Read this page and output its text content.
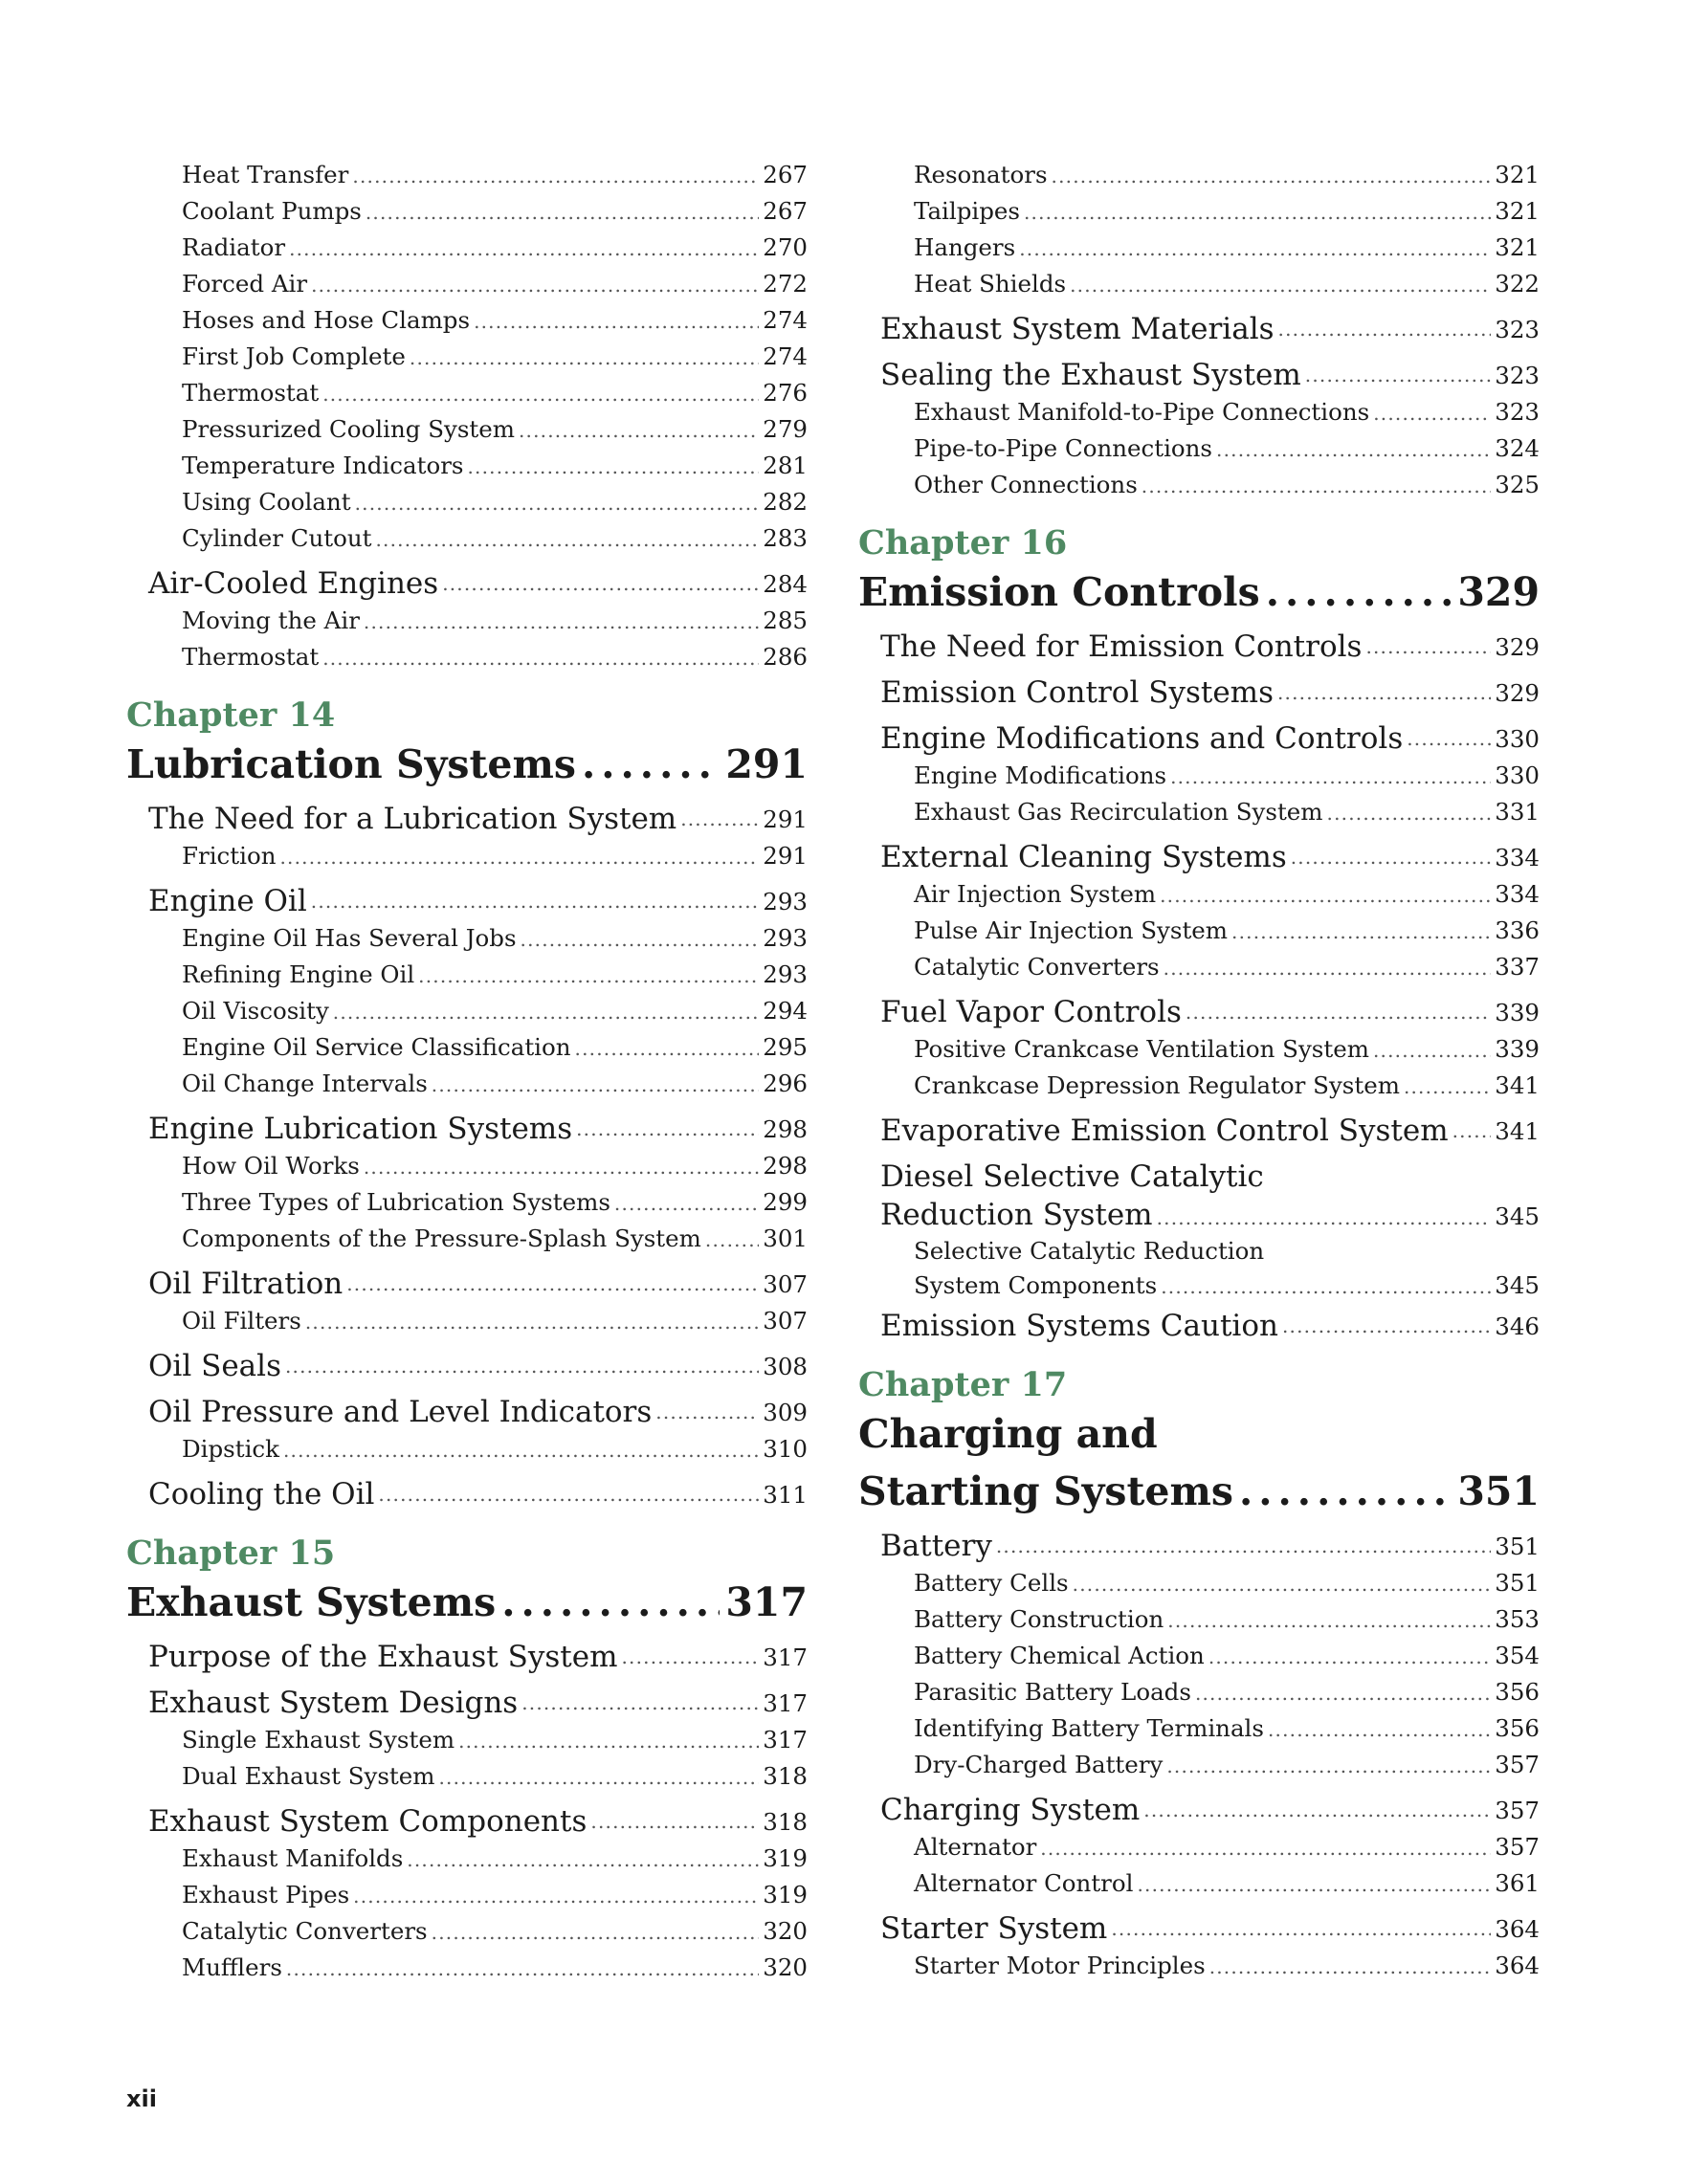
Heat Transfer .....	267
Coolant Pumps .....	267
Radiator .....	270
Forced Air .....	272
Hoses and Hose Clamps .....	274
First Job Complete .....	274
Thermostat .....	276
Pressurized Cooling System .....	279
Temperature Indicators .....	281
Using Coolant .....	282
Cylinder Cutout .....	283
Air-Cooled Engines .....	284
Moving the Air .....	285
Thermostat .....	286
Chapter 14
Lubrication Systems .....	291
The Need for a Lubrication System .....	291
Friction .....	291
Engine Oil .....	293
Engine Oil Has Several Jobs .....	293
Refining Engine Oil .....	293
Oil Viscosity .....	294
Engine Oil Service Classification .....	295
Oil Change Intervals .....	296
Engine Lubrication Systems .....	298
How Oil Works .....	298
Three Types of Lubrication Systems .....	299
Components of the Pressure-Splash System .....	301
Oil Filtration .....	307
Oil Filters .....	307
Oil Seals .....	308
Oil Pressure and Level Indicators .....	309
Dipstick .....	310
Cooling the Oil .....	311
Chapter 15
Exhaust Systems .....	317
Purpose of the Exhaust System .....	317
Exhaust System Designs .....	317
Single Exhaust System .....	317
Dual Exhaust System .....	318
Exhaust System Components .....	318
Exhaust Manifolds .....	319
Exhaust Pipes .....	319
Catalytic Converters .....	320
Mufflers .....	320
Resonators .....	321
Tailpipes .....	321
Hangers .....	321
Heat Shields .....	322
Exhaust System Materials .....	323
Sealing the Exhaust System .....	323
Exhaust Manifold-to-Pipe Connections .....	323
Pipe-to-Pipe Connections .....	324
Other Connections .....	325
Chapter 16
Emission Controls .....	329
The Need for Emission Controls .....	329
Emission Control Systems .....	329
Engine Modifications and Controls .....	330
Engine Modifications .....	330
Exhaust Gas Recirculation System .....	331
External Cleaning Systems .....	334
Air Injection System .....	334
Pulse Air Injection System .....	336
Catalytic Converters .....	337
Fuel Vapor Controls .....	339
Positive Crankcase Ventilation System .....	339
Crankcase Depression Regulator System .....	341
Evaporative Emission Control System ..... 341
Diesel Selective Catalytic
Reduction System .....	345
Selective Catalytic Reduction
System Components .....	345
Emission Systems Caution .....	346
Chapter 17
Charging and
Starting Systems .....	351
Battery .....	351
Battery Cells .....	351
Battery Construction .....	353
Battery Chemical Action .....	354
Parasitic Battery Loads .....	356
Identifying Battery Terminals .....	356
Dry-Charged Battery .....	357
Charging System .....	357
Alternator .....	357
Alternator Control .....	361
Starter System .....	364
Starter Motor Principles .....	364
xii
